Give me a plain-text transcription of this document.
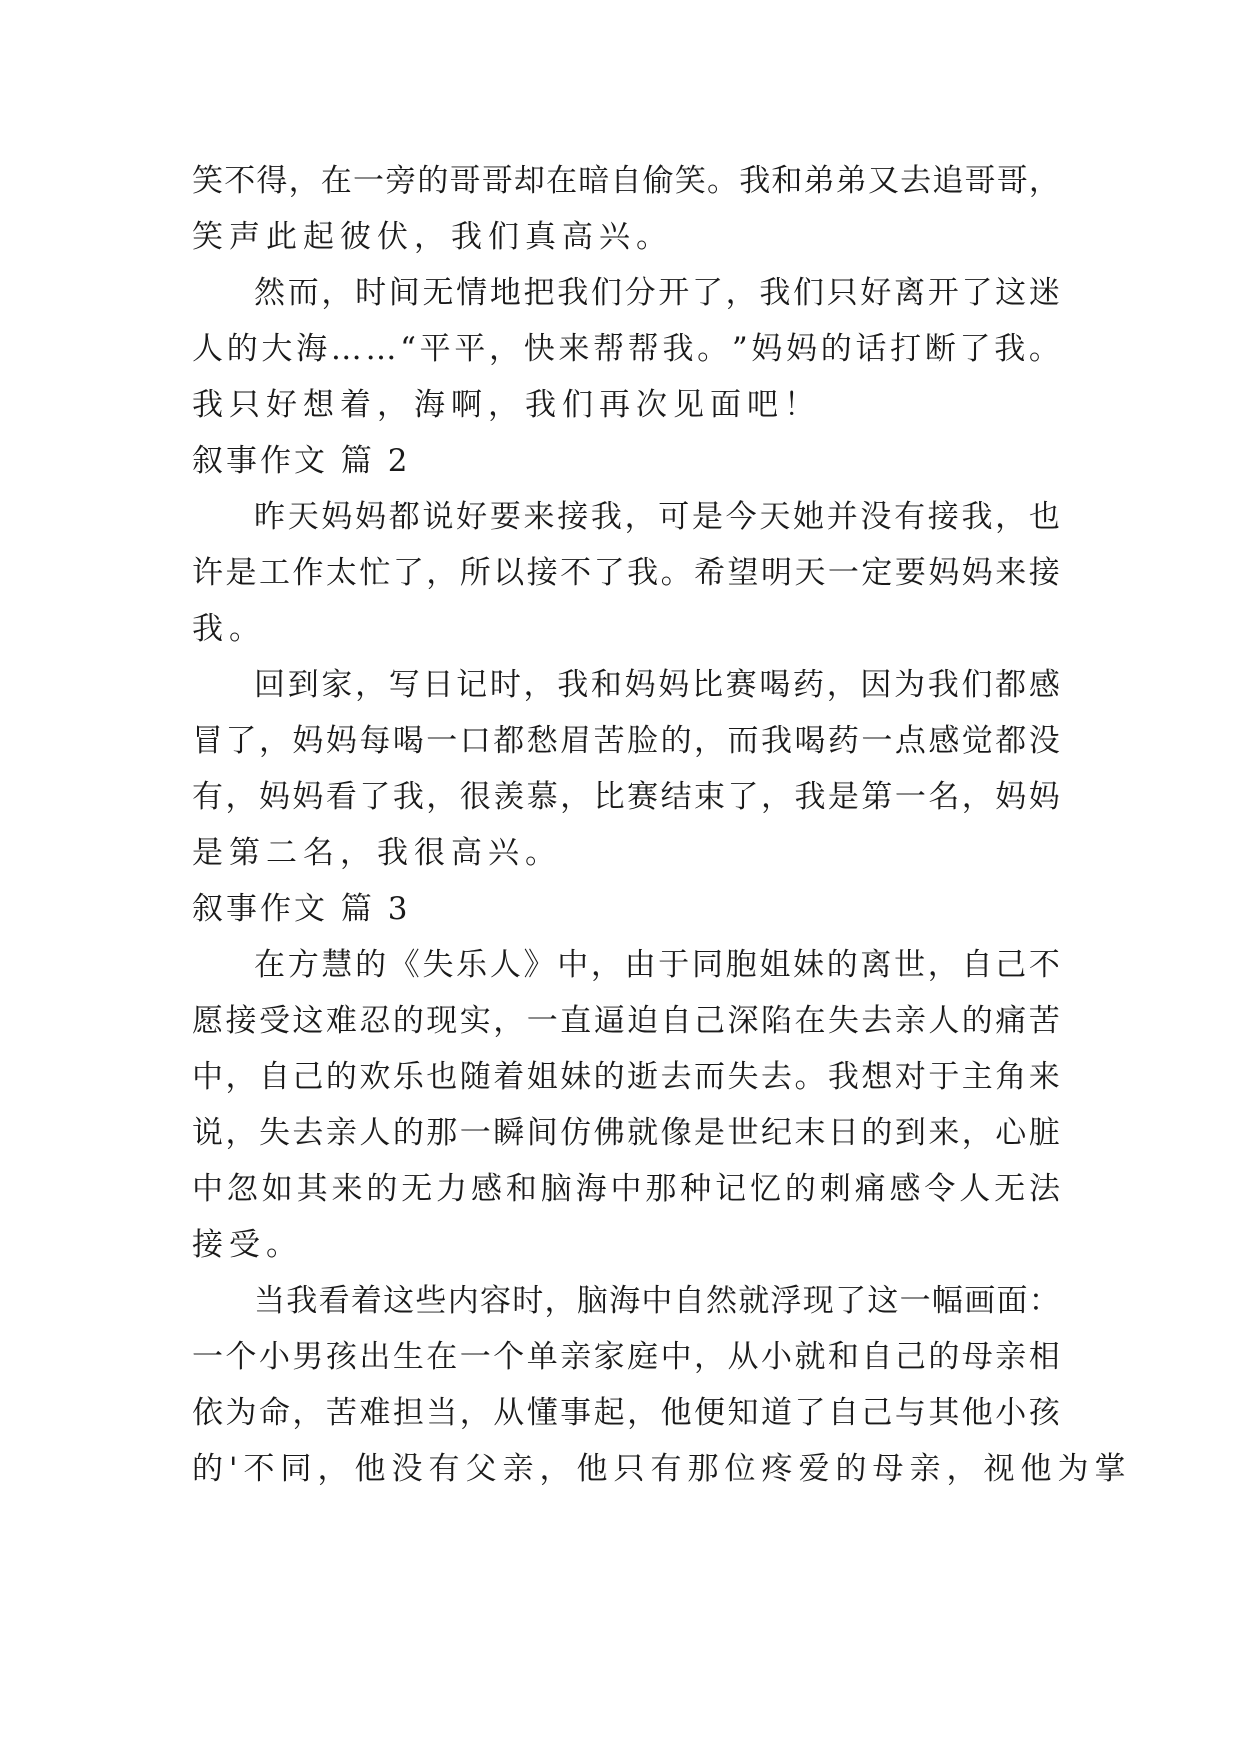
笑 不 得 ， 在 一 旁 的 哥 哥 却 在 暗 自 偷 笑 。 我 和 弟 弟 又 去 追 哥 哥 ，
笑声此起彼伏，我们真高兴。
然 而 ， 时 间 无 情 地 把 我 们 分 开 了 ， 我 们 只 好 离 开 了 这 迷
人 的 大 海 … … “ 平 平 ， 快 来 帮 帮 我 。 ” 妈 妈 的 话 打 断 了 我 。
我只好想着，海啊，我们再次见面吧！
叙事作文 篇 2
昨 天 妈 妈 都 说 好 要 来 接 我 ， 可 是 今 天 她 并 没 有 接 我 ， 也
许 是 工 作 太 忙 了 ， 所 以 接 不 了 我 。 希 望 明 天 一 定 要 妈 妈 来 接
我。
回 到 家 ， 写 日 记 时 ， 我 和 妈 妈 比 赛 喝 药 ， 因 为 我 们 都 感
冒 了 ， 妈 妈 每 喝 一 口 都 愁 眉 苦 脸 的 ， 而 我 喝 药 一 点 感 觉 都 没
有 ， 妈 妈 看 了 我 ， 很 羡 慕 ， 比 赛 结 束 了 ， 我 是 第 一 名 ， 妈 妈
是第二名，我很高兴。
叙事作文 篇 3
在 方 慧 的 《 失 乐 人 》 中 ， 由 于 同 胞 姐 妹 的 离 世 ， 自 己 不
愿 接 受 这 难 忍 的 现 实 ， 一 直 逼 迫 自 己 深 陷 在 失 去 亲 人 的 痛 苦
中 ， 自 己 的 欢 乐 也 随 着 姐 妹 的 逝 去 而 失 去 。 我 想 对 于 主 角 来
说 ， 失 去 亲 人 的 那 一 瞬 间 仿 佛 就 像 是 世 纪 末 日 的 到 来 ， 心 脏
中 忽 如 其 来 的 无 力 感 和 脑 海 中 那 种 记 忆 的 刺 痛 感 令 人 无 法
接受。
当 我 看 着 这 些 内 容 时 ， 脑 海 中 自 然 就 浮 现 了 这 一 幅 画 面 ：
一 个 小 男 孩 出 生 在 一 个 单 亲 家 庭 中 ， 从 小 就 和 自 己 的 母 亲 相
依 为 命 ， 苦 难 担 当 ， 从 懂 事 起 ， 他 便 知 道 了 自 己 与 其 他 小 孩
的'不同，他没有父亲，他只有那位疼爱的母亲，视他为掌
